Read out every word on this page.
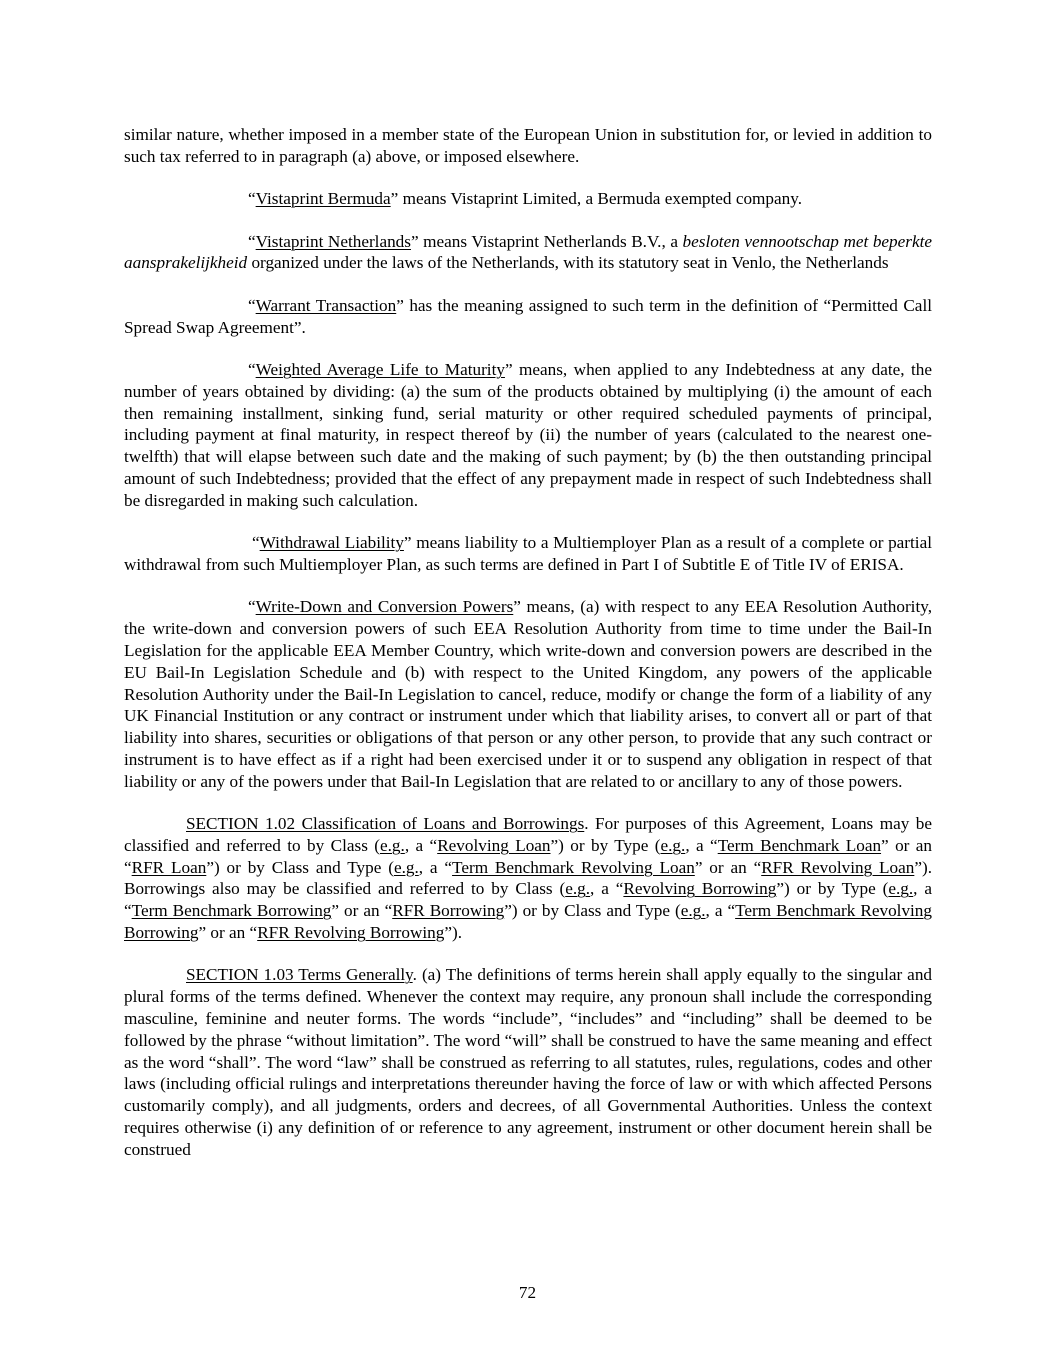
similar nature, whether imposed in a member state of the European Union in substitution for, or levied in addition to such tax referred to in paragraph (a) above, or imposed elsewhere.

“Vistaprint Bermuda” means Vistaprint Limited, a Bermuda exempted company.

“Vistaprint Netherlands” means Vistaprint Netherlands B.V., a besloten vennootschap met beperkte aansprakelijkheid organized under the laws of the Netherlands, with its statutory seat in Venlo, the Netherlands

“Warrant Transaction” has the meaning assigned to such term in the definition of “Permitted Call Spread Swap Agreement”.

“Weighted Average Life to Maturity” means, when applied to any Indebtedness at any date, the number of years obtained by dividing: (a) the sum of the products obtained by multiplying (i) the amount of each then remaining installment, sinking fund, serial maturity or other required scheduled payments of principal, including payment at final maturity, in respect thereof by (ii) the number of years (calculated to the nearest one-twelfth) that will elapse between such date and the making of such payment; by (b) the then outstanding principal amount of such Indebtedness; provided that the effect of any prepayment made in respect of such Indebtedness shall be disregarded in making such calculation.

“Withdrawal Liability” means liability to a Multiemployer Plan as a result of a complete or partial withdrawal from such Multiemployer Plan, as such terms are defined in Part I of Subtitle E of Title IV of ERISA.

“Write-Down and Conversion Powers” means, (a) with respect to any EEA Resolution Authority, the write-down and conversion powers of such EEA Resolution Authority from time to time under the Bail-In Legislation for the applicable EEA Member Country, which write-down and conversion powers are described in the EU Bail-In Legislation Schedule and (b) with respect to the United Kingdom, any powers of the applicable Resolution Authority under the Bail-In Legislation to cancel, reduce, modify or change the form of a liability of any UK Financial Institution or any contract or instrument under which that liability arises, to convert all or part of that liability into shares, securities or obligations of that person or any other person, to provide that any such contract or instrument is to have effect as if a right had been exercised under it or to suspend any obligation in respect of that liability or any of the powers under that Bail-In Legislation that are related to or ancillary to any of those powers.

SECTION 1.02 Classification of Loans and Borrowings. For purposes of this Agreement, Loans may be classified and referred to by Class (e.g., a “Revolving Loan”) or by Type (e.g., a “Term Benchmark Loan” or an “RFR Loan”) or by Class and Type (e.g., a “Term Benchmark Revolving Loan” or an “RFR Revolving Loan”). Borrowings also may be classified and referred to by Class (e.g., a “Revolving Borrowing”) or by Type (e.g., a “Term Benchmark Borrowing” or an “RFR Borrowing”) or by Class and Type (e.g., a “Term Benchmark Revolving Borrowing” or an “RFR Revolving Borrowing”).

SECTION 1.03 Terms Generally. (a) The definitions of terms herein shall apply equally to the singular and plural forms of the terms defined. Whenever the context may require, any pronoun shall include the corresponding masculine, feminine and neuter forms. The words “include”, “includes” and “including” shall be deemed to be followed by the phrase “without limitation”. The word “will” shall be construed to have the same meaning and effect as the word “shall”. The word “law” shall be construed as referring to all statutes, rules, regulations, codes and other laws (including official rulings and interpretations thereunder having the force of law or with which affected Persons customarily comply), and all judgments, orders and decrees, of all Governmental Authorities. Unless the context requires otherwise (i) any definition of or reference to any agreement, instrument or other document herein shall be construed

72
